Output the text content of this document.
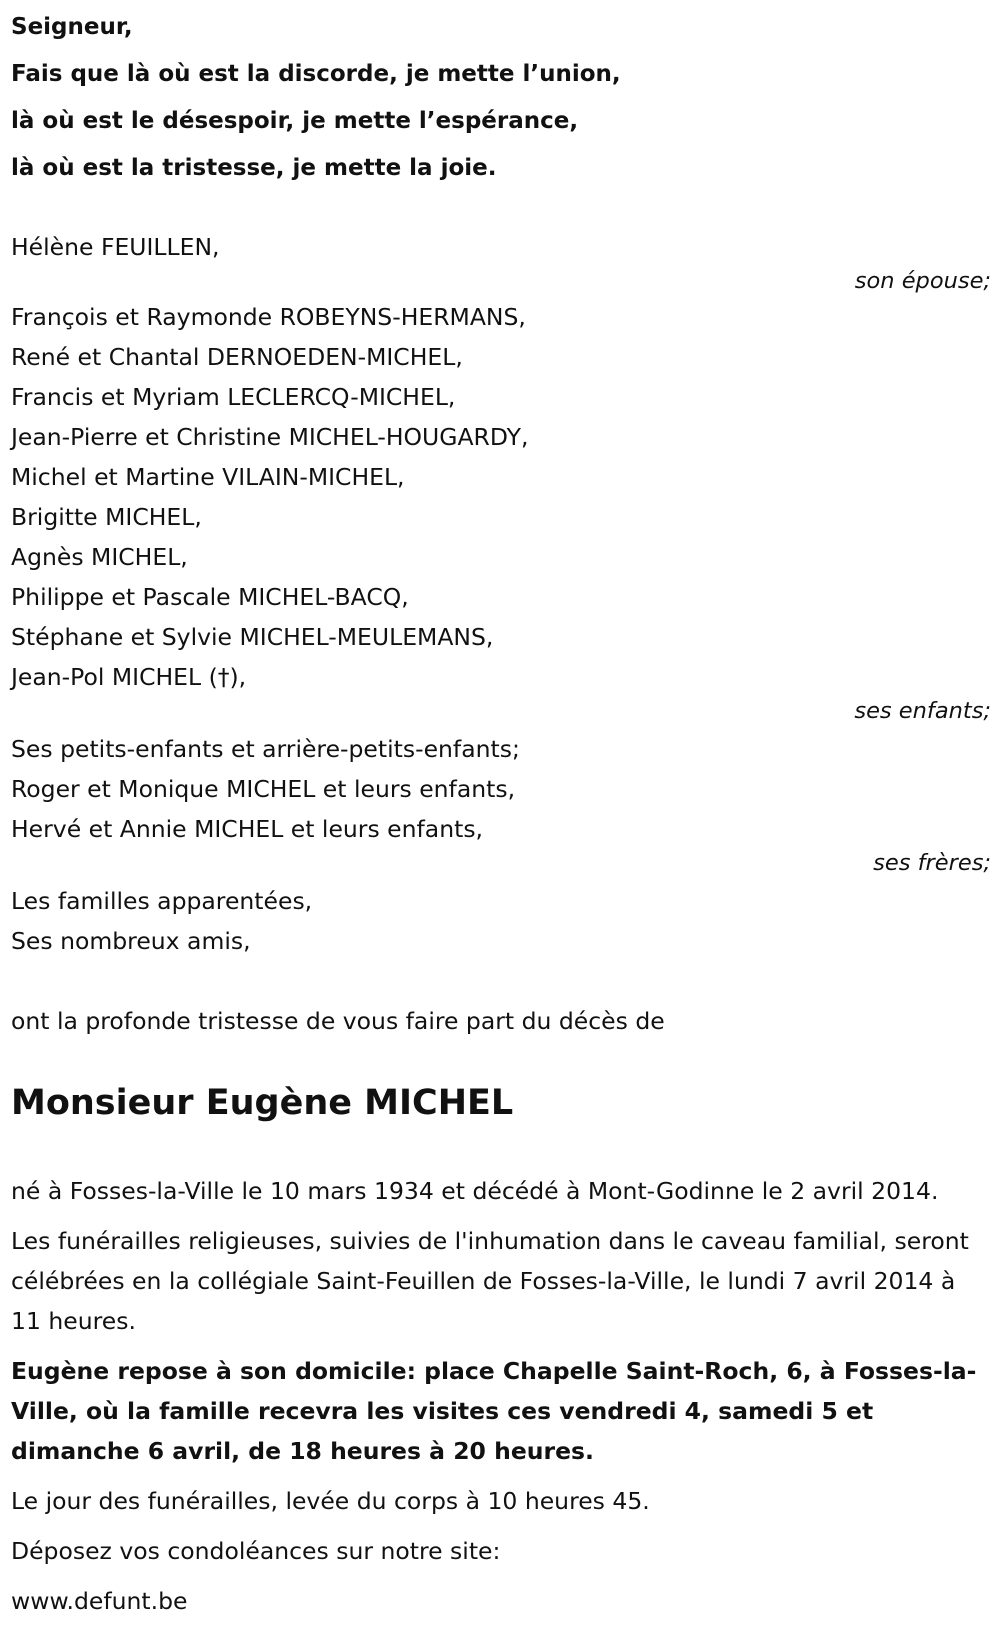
Seigneur,

Fais que là où est la discorde, je mette l’union,

là où est le désespoir, je mette l’espérance,

là où est la tristesse, je mette la joie.

Hélène FEUILLEN,
son épouse;
François et Raymonde ROBEYNS-HERMANS,
René et Chantal DERNOEDEN-MICHEL,
Francis et Myriam LECLERCQ-MICHEL,
Jean-Pierre et Christine MICHEL-HOUGARDY,
Michel et Martine VILAIN-MICHEL,
Brigitte MICHEL,
Agnès MICHEL,
Philippe et Pascale MICHEL-BACQ,
Stéphane et Sylvie MICHEL-MEULEMANS,
Jean-Pol MICHEL (†),
ses enfants;
Ses petits-enfants et arrière-petits-enfants;
Roger et Monique MICHEL et leurs enfants,
Hervé et Annie MICHEL et leurs enfants,
ses frères;
Les familles apparentées,
Ses nombreux amis,
ont la profonde tristesse de vous faire part du décès de
Monsieur Eugène MICHEL

né à Fosses-la-Ville le 10 mars 1934 et décédé à Mont-Godinne le 2 avril 2014.

Les funérailles religieuses, suivies de l'inhumation dans le caveau familial, seront célébrées en la collégiale Saint-Feuillen de Fosses-la-Ville, le lundi 7 avril 2014 à 11 heures.

Eugène repose à son domicile: place Chapelle Saint-Roch, 6, à Fosses-la-Ville, où la famille recevra les visites ces vendredi 4, samedi 5 et dimanche 6 avril, de 18 heures à 20 heures.

Le jour des funérailles, levée du corps à 10 heures 45.

Déposez vos condoléances sur notre site:

www.defunt.be
